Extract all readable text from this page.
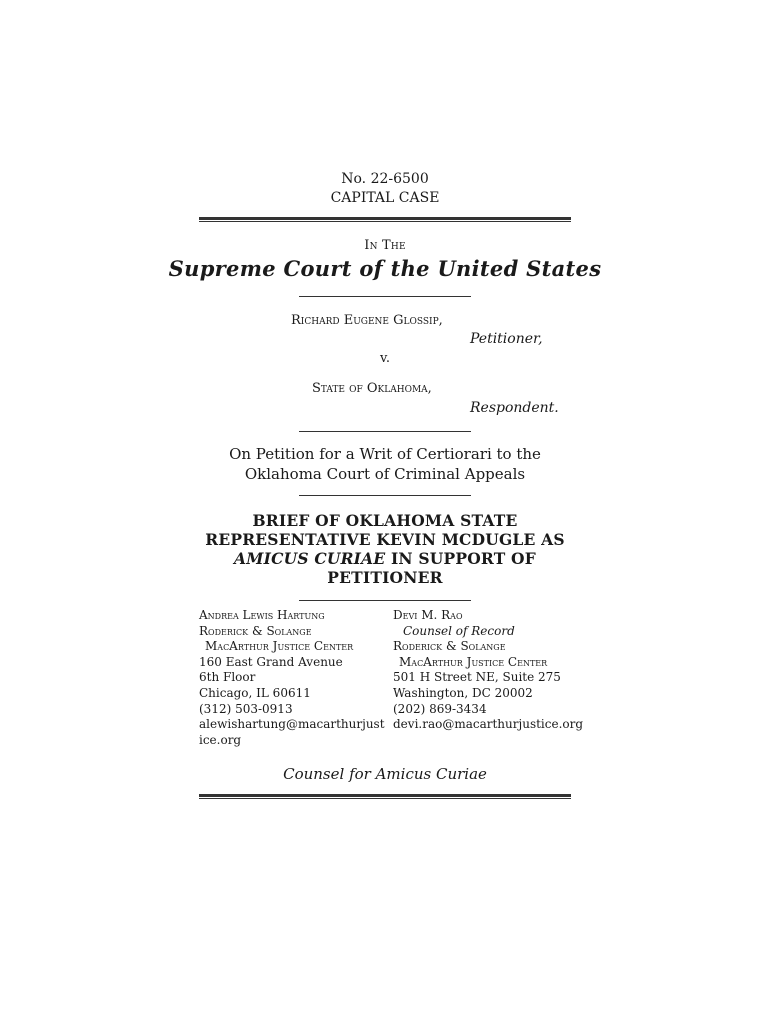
No. 22-6500
CAPITAL CASE
In The
Supreme Court of the United States
Richard Eugene Glossip,
Petitioner,
v.
State of Oklahoma,
Respondent.
On Petition for a Writ of Certiorari to the
Oklahoma Court of Criminal Appeals
BRIEF OF OKLAHOMA STATE
REPRESENTATIVE KEVIN MCDUGLE AS
AMICUS CURIAE IN SUPPORT OF
PETITIONER
Andrea Lewis Hartung
Roderick & Solange
MacArthur Justice Center
160 East Grand Avenue
6th Floor
Chicago, IL 60611
(312) 503-0913
alewishartung@macarthurjust
ice.org
Devi M. Rao
Counsel of Record
Roderick & Solange
MacArthur Justice Center
501 H Street NE, Suite 275
Washington, DC 20002
(202) 869-3434
devi.rao@macarthurjustice.org
Counsel for Amicus Curiae
